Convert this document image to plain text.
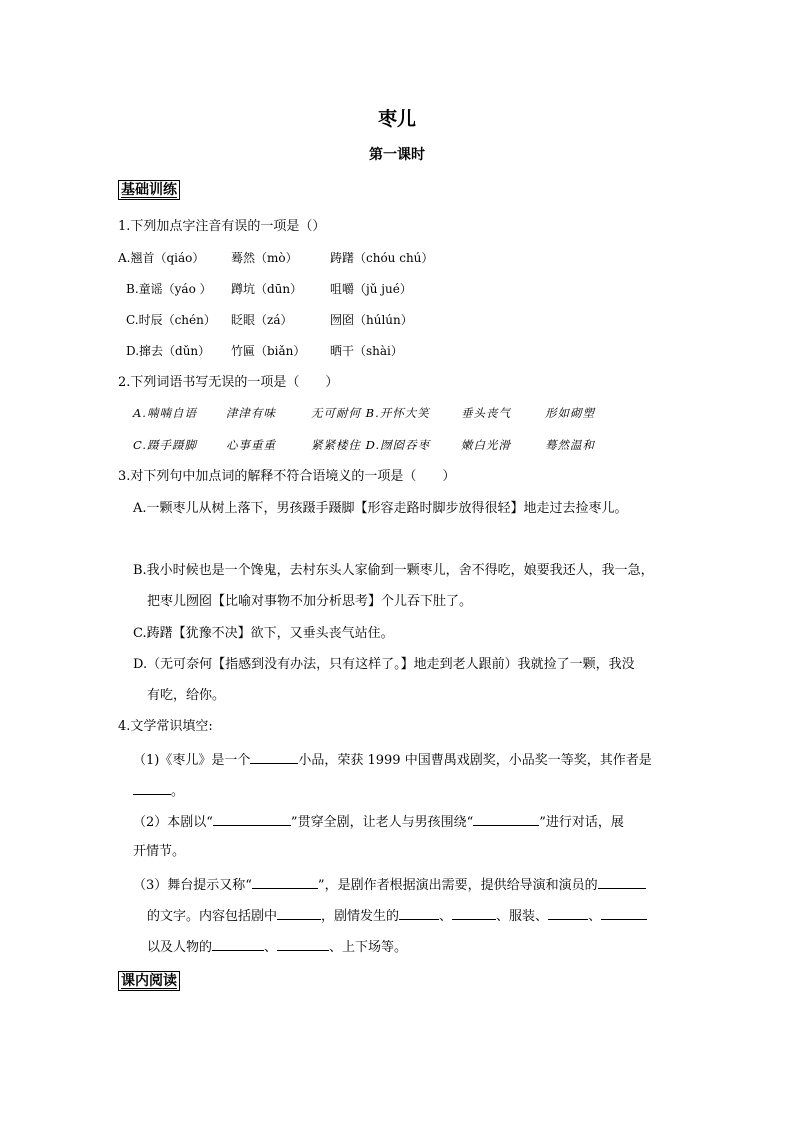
枣儿
第一课时
基础训练
1.下列加点字注音有误的一项是（）
A.翘首（qiáo） 蓦然（mò）	踌躇（chóu chú）
B.童谣（yáo ） 蹲坑（dūn） 咀嚼（jǔ jué）
C.时辰（chén） 眨眼（zá）	囫囵（húlún）
D.撺去（dǔn） 竹匾（biǎn） 晒干（shài）
2.下列词语书写无误的一项是（　　）
A.喃喃自语	津津有味	无可耐何 B.开怀大笑	垂头丧气	形如砌塑
C.蹑手蹑脚	心事重重	紧紧楼住 D.囫囵吞枣	嫩白光滑	蓦然温和
3.对下列句中加点词的解释不符合语境义的一项是（　　）
A.一颗枣儿从树上落下，男孩蹑手蹑脚【形容走路时脚步放得很轻】地走过去捡枣儿。
B.我小时候也是一个馋鬼，去村东头人家偷到一颗枣儿，舍不得吃，娘要我还人，我一急，
把枣儿囫囵【比喻对事物不加分析思考】个儿吞下肚了。
C.踌躇【犹豫不决】欲下，又垂头丧气站住。
D.（无可奈何【指感到没有办法，只有这样了。】地走到老人跟前）我就捡了一颗，我没
有吃，给你。
4.文学常识填空:
（1)《枣儿》是一个	小品，荣获 1999 中国曹禺戏剧奖，小品奖一等奖，其作者是
。
（2）本剧以“	”贯穿全剧，让老人与男孩围绕“	”进行对话，展
开情节。
（3）舞台提示又称“	”，是剧作者根据演出需要，提供给导演和演员的
的文字。内容包括剧中	，剧情发生的	、	、服装、	、
以及人物的	、	、上下场等。
课内阅读
